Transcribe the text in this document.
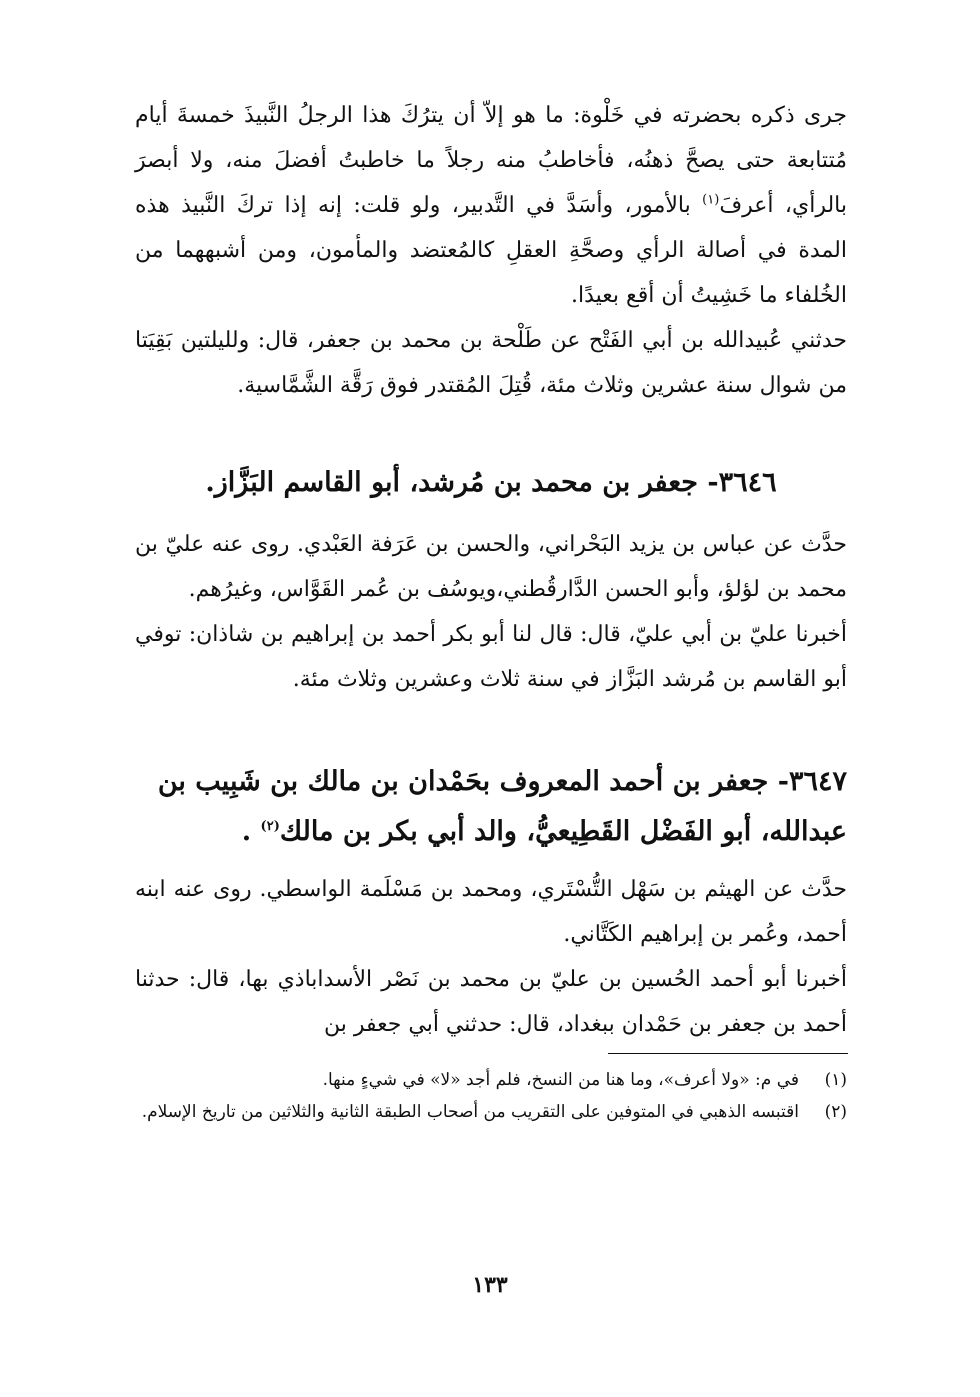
جرى ذكره بحضرته في خَلْوة: ما هو إلاّ أن يترُكَ هذا الرجلُ النَّبيذَ خمسةَ أيام مُتتابعة حتى يصحَّ ذهنُه، فأخاطبُ منه رجلاً ما خاطبتُ أفضلَ منه، ولا أبصرَ بالرأي، أعرفَ$^{(١)}$ بالأمور، وأسَدَّ في التَّدبير، ولو قلت: إنه إذا تركَ النَّبيذ هذه المدة في أصالة الرأي وصحَّةِ العقلِ كالمُعتضد والمأمون، ومن أشبههما من الخُلفاء ما خَشِيتُ أن أقع بعيدًا.

حدثني عُبيدالله بن أبي الفَتْح عن طَلْحة بن محمد بن جعفر، قال: ولليلتين بَقِيَتا من شوال سنة عشرين وثلاث مئة، قُتِلَ المُقتدر فوق رَقَّة الشَّمَّاسية.

٣٦٤٦- جعفر بن محمد بن مُرشد، أبو القاسم البَزَّاز.

حدَّث عن عباس بن يزيد البَحْراني، والحسن بن عَرَفة العَبْدي. روى عنه عليّ بن محمد بن لؤلؤ، وأبو الحسن الدَّارقُطني،ويوسُف بن عُمر القَوَّاس، وغيرُهم.

أخبرنا عليّ بن أبي عليّ، قال: قال لنا أبو بكر أحمد بن إبراهيم بن شاذان: توفي أبو القاسم بن مُرشد البَزَّاز في سنة ثلاث وعشرين وثلاث مئة.

٣٦٤٧- جعفر بن أحمد المعروف بحَمْدان بن مالك بن شَبِيب بن
عبدالله، أبو الفَضْل القَطِيعيُّ، والد أبي بكر بن مالك$^{(٢)}$ .

حدَّث عن الهيثم بن سَهْل التُّسْتَري، ومحمد بن مَسْلَمة الواسطي. روى عنه ابنه أحمد، وعُمر بن إبراهيم الكَتَّاني.

أخبرنا أبو أحمد الحُسين بن عليّ بن محمد بن نَصْر الأسداباذي بها، قال: حدثنا أحمد بن جعفر بن حَمْدان ببغداد، قال: حدثني أبي جعفر بن

(١)
في م: «ولا أعرف»، وما هنا من النسخ، فلم أجد «لا» في شيءٍ منها.
(٢)
اقتبسه الذهبي في المتوفين على التقريب من أصحاب الطبقة الثانية والثلاثين من تاريخ الإسلام.
١٣٣
